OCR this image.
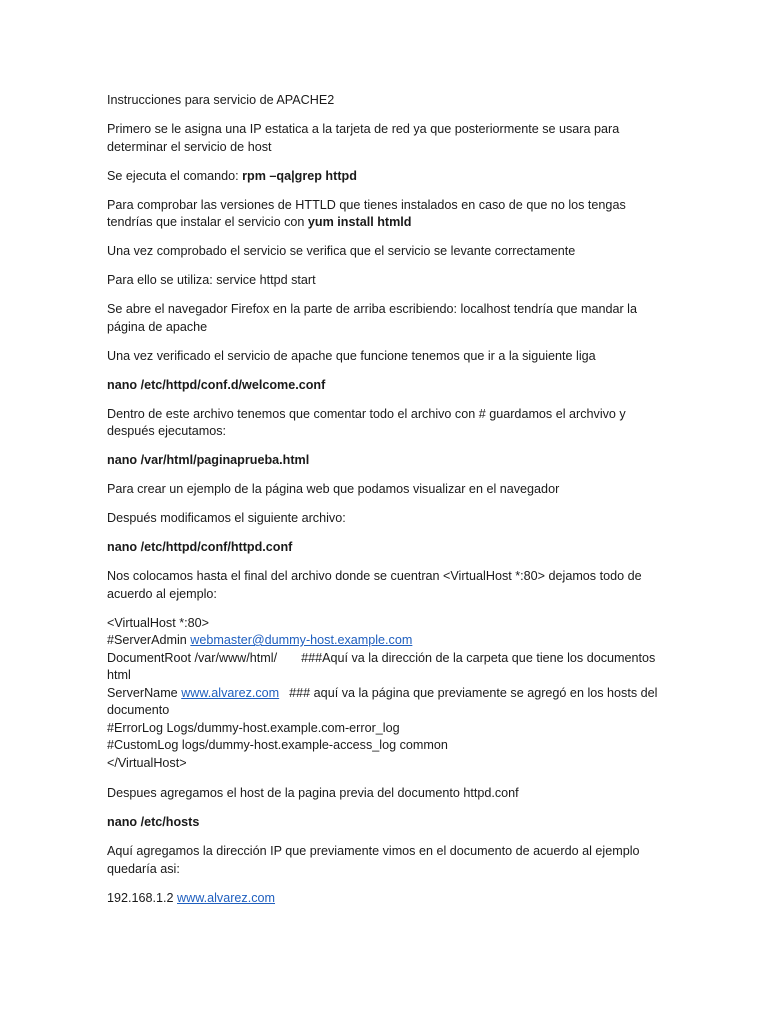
Instrucciones para servicio de APACHE2

Primero se le asigna una IP estatica a la tarjeta de red ya que posteriormente se usara para determinar el servicio de host

Se ejecuta el comando: rpm –qa|grep httpd

Para comprobar las versiones de HTTLD que tienes instalados en caso de que no los tengas tendrías que instalar el servicio con yum install htmld

Una vez comprobado el servicio se verifica que el servicio se levante correctamente

Para ello se utiliza: service httpd start

Se abre el navegador Firefox en la parte de arriba escribiendo: localhost tendría que mandar la página de apache

Una vez verificado el servicio de apache que funcione tenemos que ir a la siguiente liga

nano /etc/httpd/conf.d/welcome.conf

Dentro de este archivo tenemos que comentar todo el archivo con # guardamos el archvivo y después ejecutamos:

nano /var/html/paginaprueba.html

Para crear un ejemplo de la página web que podamos visualizar en el navegador

Después modificamos el siguiente archivo:

nano /etc/httpd/conf/httpd.conf

Nos colocamos hasta el final del archivo donde se cuentran <VirtualHost *:80> dejamos todo de acuerdo al ejemplo:

<VirtualHost *:80>
#ServerAdmin webmaster@dummy-host.example.com
DocumentRoot /var/www/html/ ###Aquí va la dirección de la carpeta que tiene los documentos html
ServerName www.alvarez.com ### aquí va la página que previamente se agregó en los hosts del documento
#ErrorLog Logs/dummy-host.example.com-error_log
#CustomLog logs/dummy-host.example-access_log common
</VirtualHost>

Despues agregamos el host de la pagina previa del documento httpd.conf

nano /etc/hosts

Aquí agregamos la dirección IP que previamente vimos en el documento de acuerdo al ejemplo quedaría asi:

192.168.1.2 www.alvarez.com
